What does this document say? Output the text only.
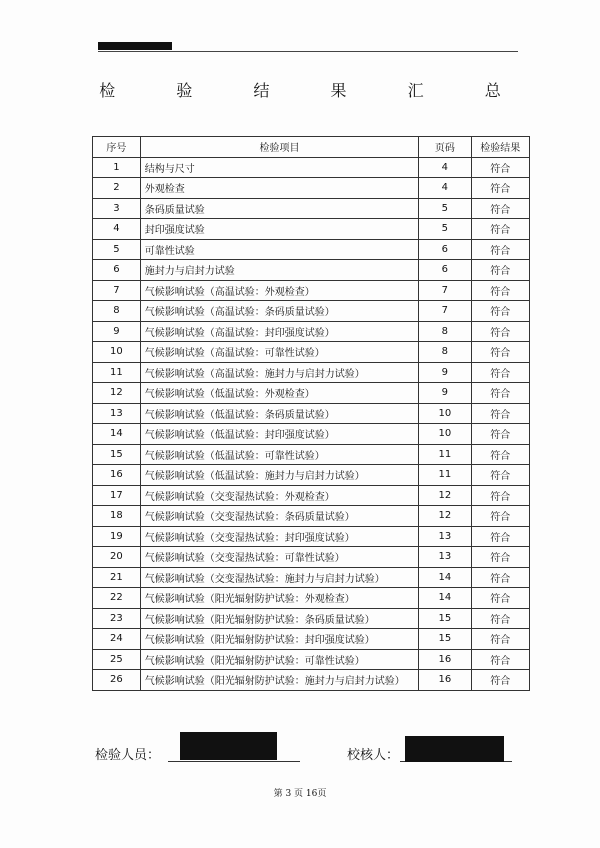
检 验 结 果 汇 总
序号	检验项目	页码	检验结果
1	结构与尺寸	4	符合
2	外观检查	4	符合
3	条码质量试验	5	符合
4	封印强度试验	5	符合
5	可靠性试验	6	符合
6	施封力与启封力试验	6	符合
7	气候影响试验（高温试验：外观检查）	7	符合
8	气候影响试验（高温试验：条码质量试验）	7	符合
9	气候影响试验（高温试验：封印强度试验）	8	符合
10	气候影响试验（高温试验：可靠性试验）	8	符合
11	气候影响试验（高温试验：施封力与启封力试验）	9	符合
12	气候影响试验（低温试验：外观检查）	9	符合
13	气候影响试验（低温试验：条码质量试验）	10	符合
14	气候影响试验（低温试验：封印强度试验）	10	符合
15	气候影响试验（低温试验：可靠性试验）	11	符合
16	气候影响试验（低温试验：施封力与启封力试验）	11	符合
17	气候影响试验（交变湿热试验：外观检查）	12	符合
18	气候影响试验（交变湿热试验：条码质量试验）	12	符合
19	气候影响试验（交变湿热试验：封印强度试验）	13	符合
20	气候影响试验（交变湿热试验：可靠性试验）	13	符合
21	气候影响试验（交变湿热试验：施封力与启封力试验）	14	符合
22	气候影响试验（阳光辐射防护试验：外观检查）	14	符合
23	气候影响试验（阳光辐射防护试验：条码质量试验）	15	符合
24	气候影响试验（阳光辐射防护试验：封印强度试验）	15	符合
25	气候影响试验（阳光辐射防护试验：可靠性试验）	16	符合
26	气候影响试验（阳光辐射防护试验：施封力与启封力试验）	16	符合
检验人员：	校核人：
第 3 页 16页
